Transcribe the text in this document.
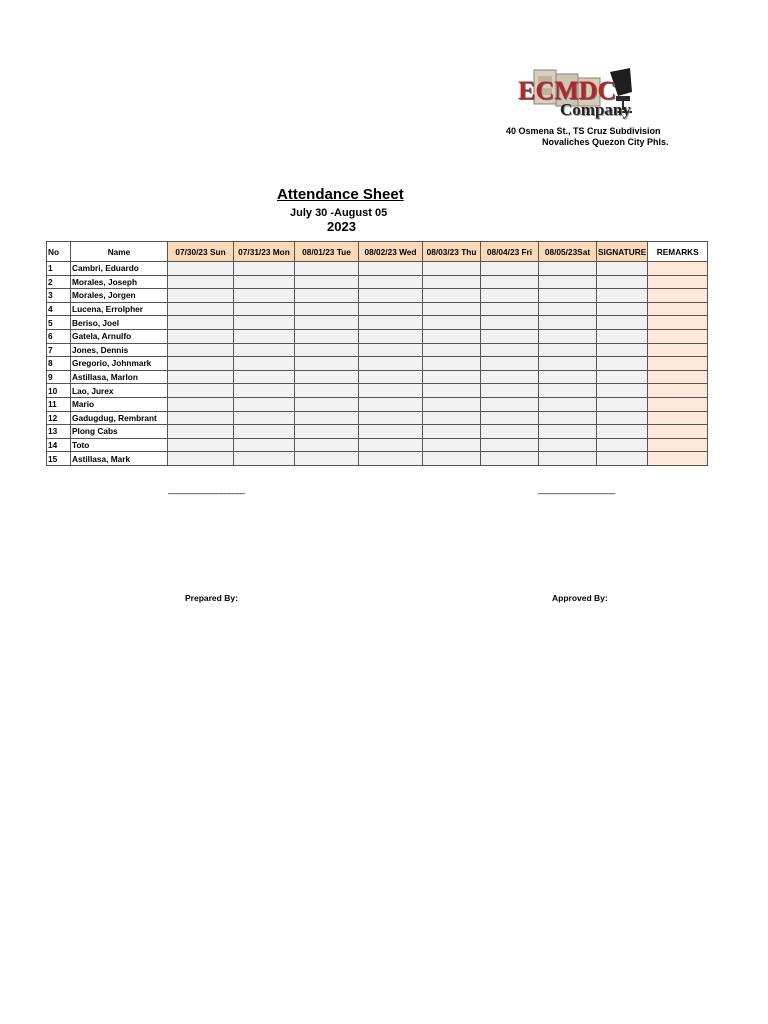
ECMDC
Company
40 Osmena St., TS Cruz Subdivision
Novaliches Quezon City Phls.
Attendance Sheet
July 30 -August 05
2023
No	Name	07/30/23 Sun	07/31/23 Mon	08/01/23 Tue	08/02/23 Wed	08/03/23 Thu	08/04/23 Fri	08/05/23Sat	SIGNATURE	REMARKS
1	Cambri, Eduardo									
2	Morales, Joseph									
3	Morales, Jorgen									
4	Lucena, Errolpher									
5	Beriso, Joel									
6	Gatela, Arnulfo									
7	Jones, Dennis									
8	Gregorio, Johnmark									
9	Astillasa, Marlon									
10	Lao, Jurex									
11	Mario									
12	Gadugdug, Rembrant									
13	Plong Cabs									
14	Toto									
15	Astillasa, Mark									
___________________	___________________
Prepared By:	Approved By:
